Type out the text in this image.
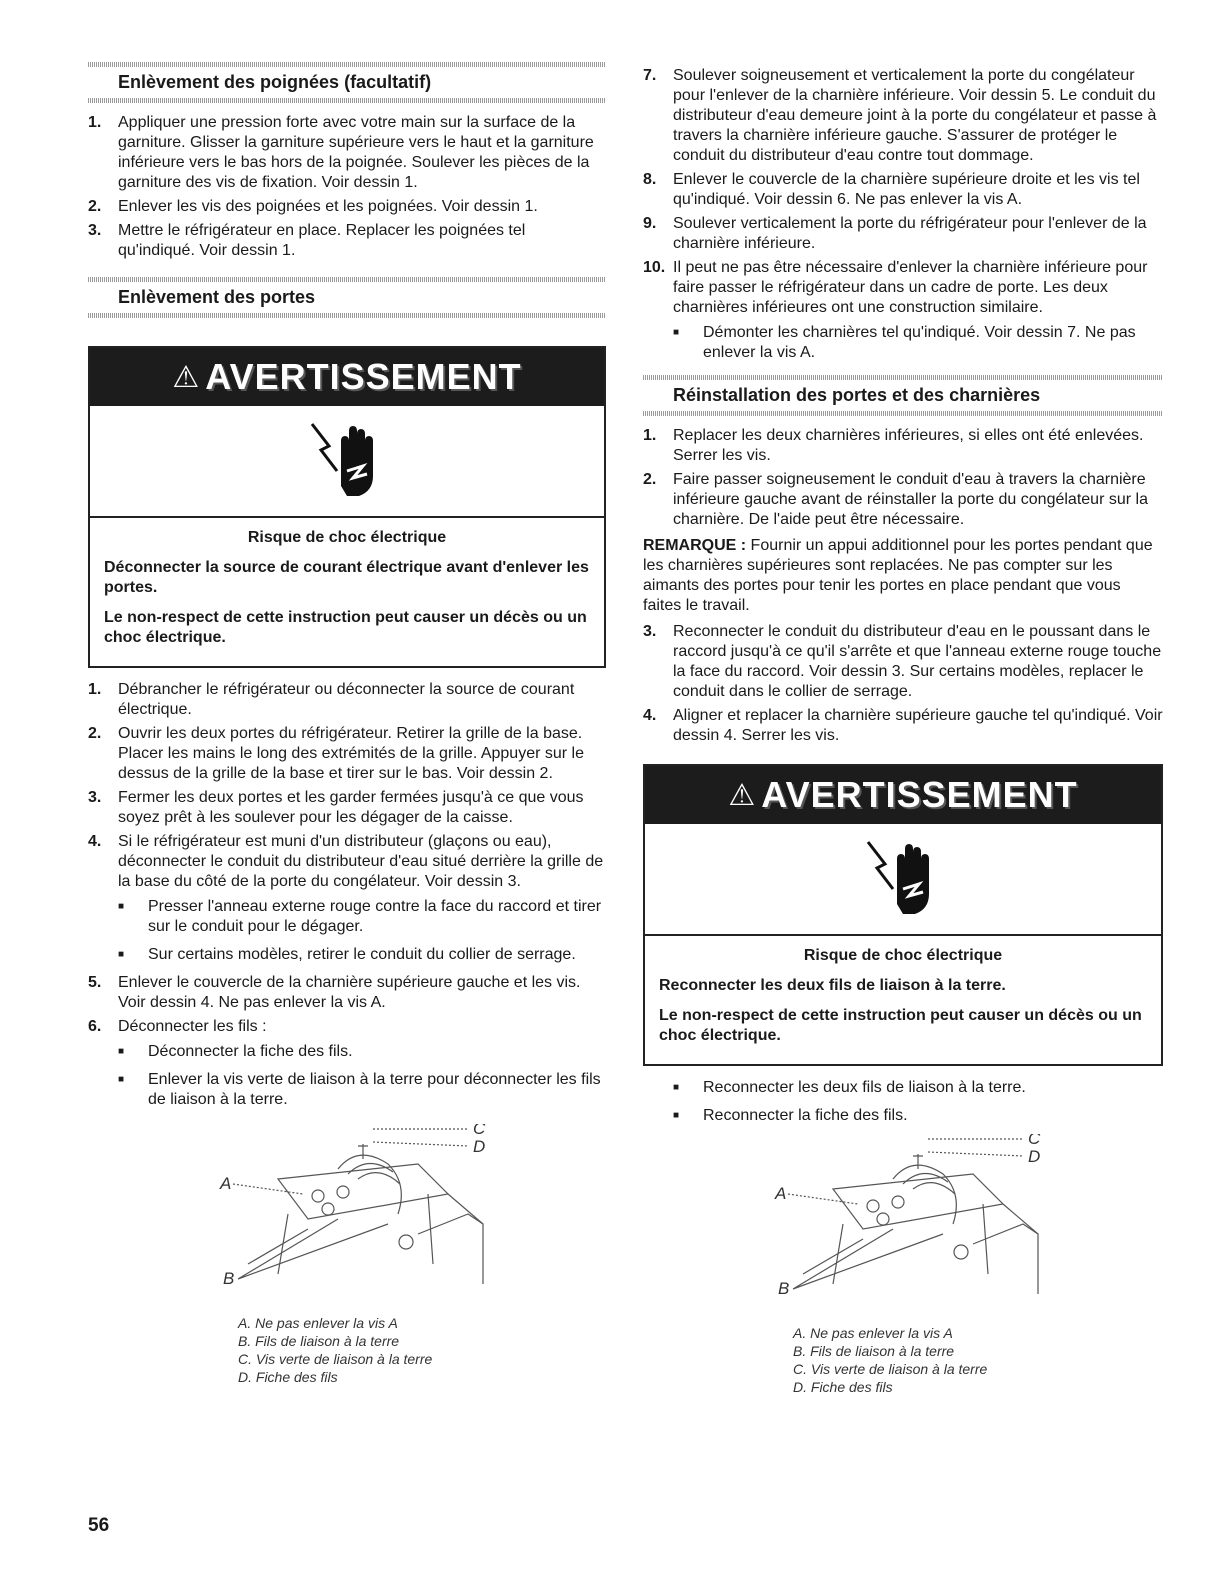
Enlèvement des poignées (facultatif)
1. Appliquer une pression forte avec votre main sur la surface de la garniture. Glisser la garniture supérieure vers le haut et la garniture inférieure vers le bas hors de la poignée. Soulever les pièces de la garniture des vis de fixation. Voir dessin 1.
2. Enlever les vis des poignées et les poignées. Voir dessin 1.
3. Mettre le réfrigérateur en place. Replacer les poignées tel qu'indiqué. Voir dessin 1.
Enlèvement des portes
⚠ AVERTISSEMENT

Risque de choc électrique

Déconnecter la source de courant électrique avant d'enlever les portes.

Le non-respect de cette instruction peut causer un décès ou un choc électrique.

1. Débrancher le réfrigérateur ou déconnecter la source de courant électrique.
2. Ouvrir les deux portes du réfrigérateur. Retirer la grille de la base. Placer les mains le long des extrémités de la grille. Appuyer sur le dessus de la grille de la base et tirer sur le bas. Voir dessin 2.
3. Fermer les deux portes et les garder fermées jusqu'à ce que vous soyez prêt à les soulever pour les dégager de la caisse.
4. Si le réfrigérateur est muni d'un distributeur (glaçons ou eau), déconnecter le conduit du distributeur d'eau situé derrière la grille de la base du côté de la porte du congélateur. Voir dessin 3.
■ Presser l'anneau externe rouge contre la face du raccord et tirer sur le conduit pour le dégager.
■ Sur certains modèles, retirer le conduit du collier de serrage.
5. Enlever le couvercle de la charnière supérieure gauche et les vis. Voir dessin 4. Ne pas enlever la vis A.
6. Déconnecter les fils :
■ Déconnecter la fiche des fils.
■ Enlever la vis verte de liaison à la terre pour déconnecter les fils de liaison à la terre.
C
D
A
B
A. Ne pas enlever la vis A
B. Fils de liaison à la terre
C. Vis verte de liaison à la terre
D. Fiche des fils
7. Soulever soigneusement et verticalement la porte du congélateur pour l'enlever de la charnière inférieure. Voir dessin 5. Le conduit du distributeur d'eau demeure joint à la porte du congélateur et passe à travers la charnière inférieure gauche. S'assurer de protéger le conduit du distributeur d'eau contre tout dommage.
8. Enlever le couvercle de la charnière supérieure droite et les vis tel qu'indiqué. Voir dessin 6. Ne pas enlever la vis A.
9. Soulever verticalement la porte du réfrigérateur pour l'enlever de la charnière inférieure.
10. Il peut ne pas être nécessaire d'enlever la charnière inférieure pour faire passer le réfrigérateur dans un cadre de porte. Les deux charnières inférieures ont une construction similaire.
■ Démonter les charnières tel qu'indiqué. Voir dessin 7. Ne pas enlever la vis A.
Réinstallation des portes et des charnières
1. Replacer les deux charnières inférieures, si elles ont été enlevées. Serrer les vis.
2. Faire passer soigneusement le conduit d'eau à travers la charnière inférieure gauche avant de réinstaller la porte du congélateur sur la charnière. De l'aide peut être nécessaire.

REMARQUE : Fournir un appui additionnel pour les portes pendant que les charnières supérieures sont replacées. Ne pas compter sur les aimants des portes pour tenir les portes en place pendant que vous faites le travail.

3. Reconnecter le conduit du distributeur d'eau en le poussant dans le raccord jusqu'à ce qu'il s'arrête et que l'anneau externe rouge touche la face du raccord. Voir dessin 3. Sur certains modèles, replacer le conduit dans le collier de serrage.
4. Aligner et replacer la charnière supérieure gauche tel qu'indiqué. Voir dessin 4. Serrer les vis.
⚠ AVERTISSEMENT

Risque de choc électrique

Reconnecter les deux fils de liaison à la terre.

Le non-respect de cette instruction peut causer un décès ou un choc électrique.

■ Reconnecter les deux fils de liaison à la terre.
■ Reconnecter la fiche des fils.
C
D
A
B
A. Ne pas enlever la vis A
B. Fils de liaison à la terre
C. Vis verte de liaison à la terre
D. Fiche des fils
56
